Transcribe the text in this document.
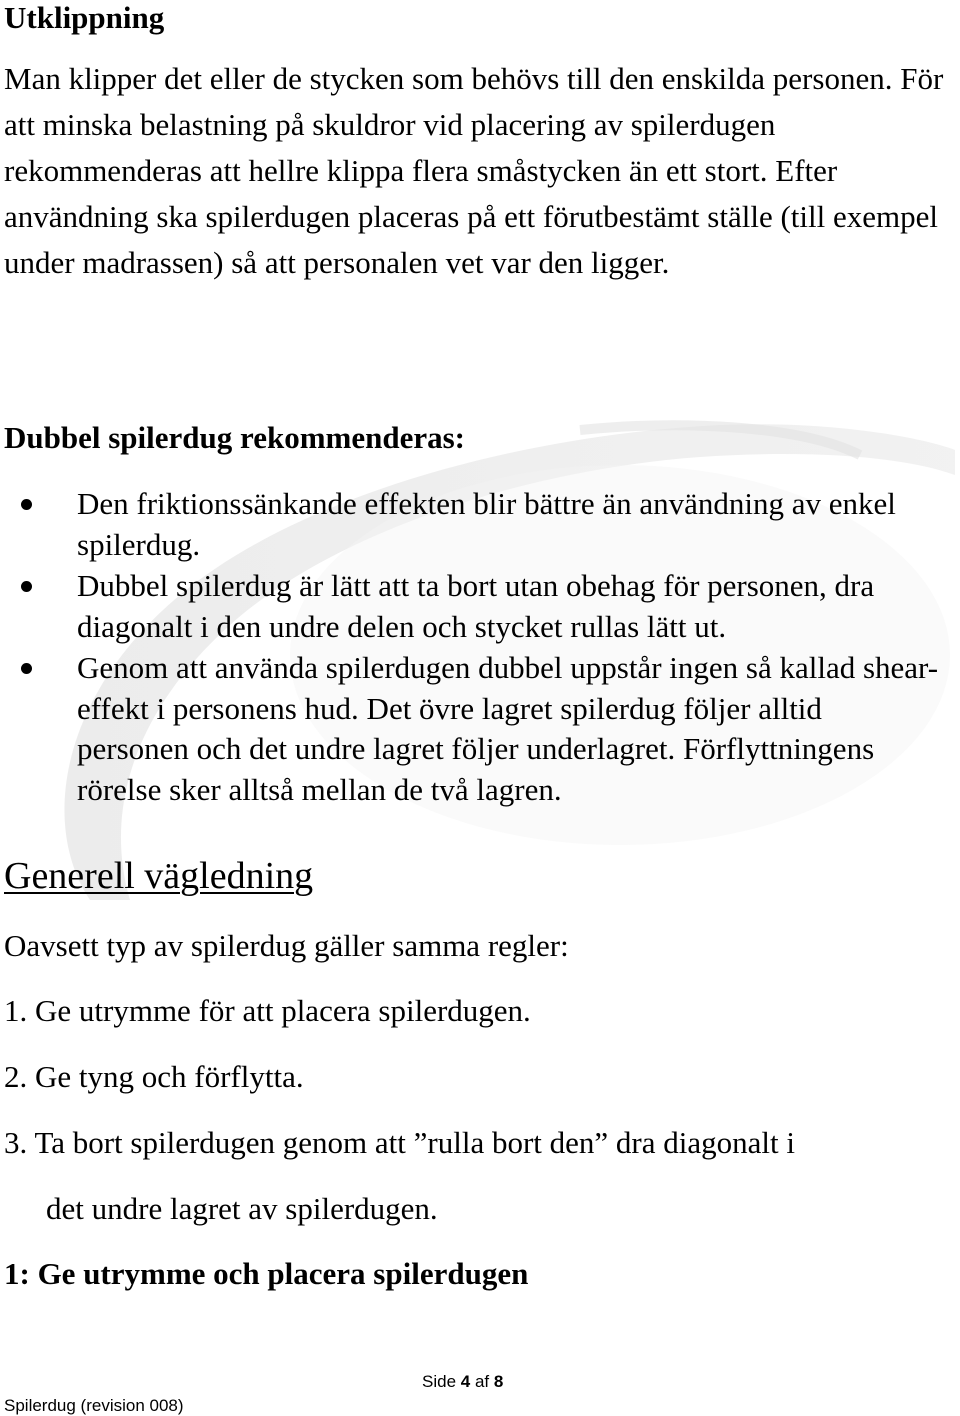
Utklippning

Man klipper det eller de stycken som behövs till den enskilda personen. För att minska belastning på skuldror vid placering av spilerdugen rekommenderas att hellre klippa flera småstycken än ett stort. Efter användning ska spilerdugen placeras på ett förutbestämt ställe (till exempel under madrassen) så att personalen vet var den ligger.

Dubbel spilerdug rekommenderas:
Den friktionssänkande effekten blir bättre än användning av enkel spilerdug.
Dubbel spilerdug är lätt att ta bort utan obehag för personen, dra diagonalt i den undre delen och stycket rullas lätt ut.
Genom att använda spilerdugen dubbel uppstår ingen så kallad shear-effekt i personens hud. Det övre lagret spilerdug följer alltid personen och det undre lagret följer underlagret. Förflyttningens rörelse sker alltså mellan de två lagren.
Generell vägledning

Oavsett typ av spilerdug gäller samma regler:

1. Ge utrymme för att placera spilerdugen.

2. Ge tyng och förflytta.

3. Ta bort spilerdugen genom att ”rulla bort den” dra diagonalt i

det undre lagret av spilerdugen.

1: Ge utrymme och placera spilerdugen
Side 4 af 8
Spilerdug (revision 008)
